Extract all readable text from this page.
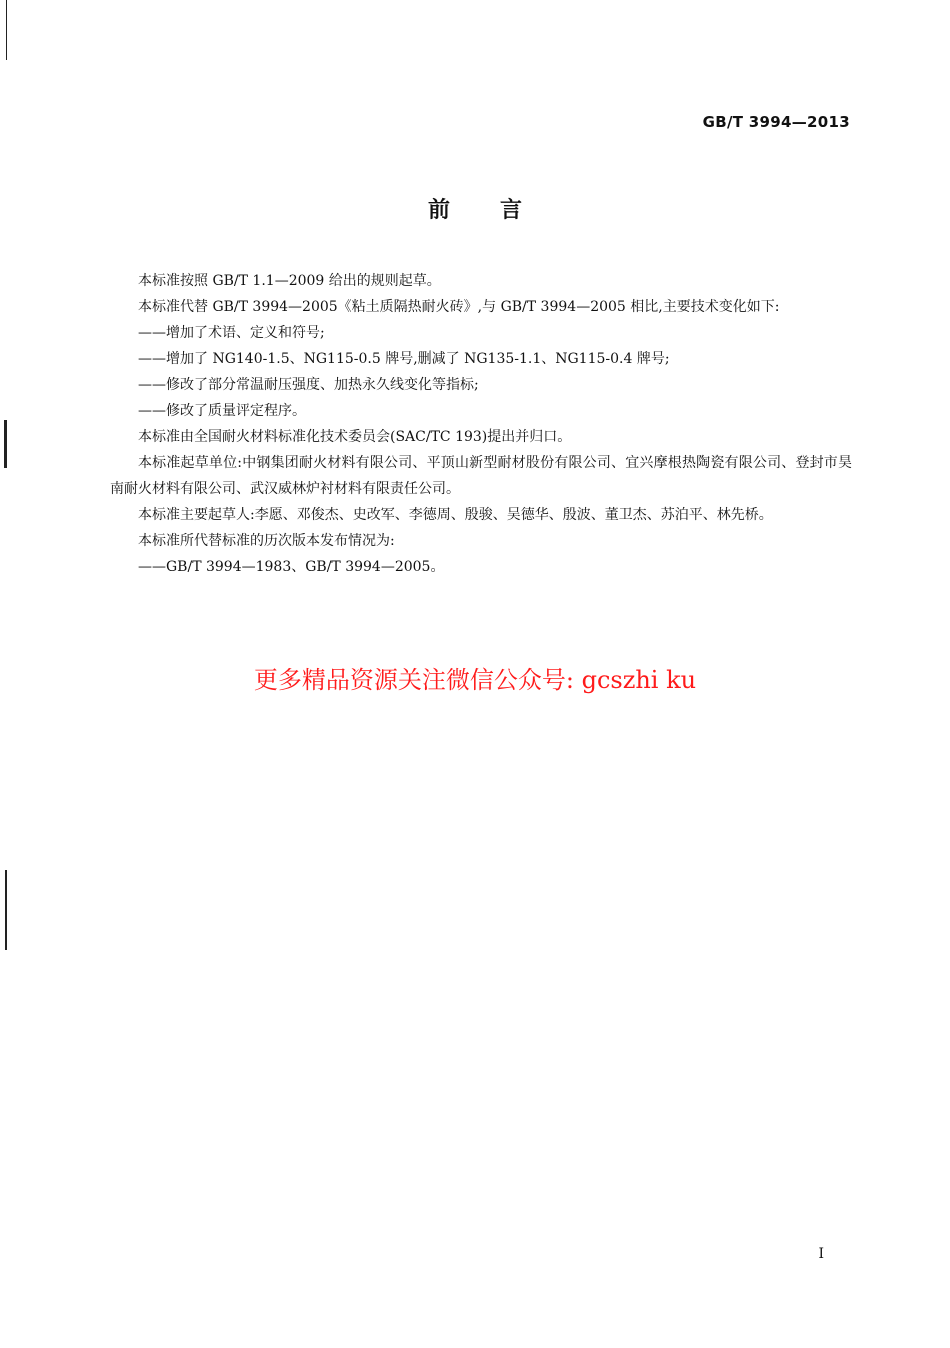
GB/T 3994—2013
前言

本标准按照 GB/T 1.1—2009 给出的规则起草。

本标准代替 GB/T 3994—2005《粘土质隔热耐火砖》,与 GB/T 3994—2005 相比,主要技术变化如下:

——增加了术语、定义和符号;

——增加了 NG140-1.5、NG115-0.5 牌号,删减了 NG135-1.1、NG115-0.4 牌号;

——修改了部分常温耐压强度、加热永久线变化等指标;

——修改了质量评定程序。

本标准由全国耐火材料标准化技术委员会(SAC/TC 193)提出并归口。

本标准起草单位:中钢集团耐火材料有限公司、平顶山新型耐材股份有限公司、宜兴摩根热陶瓷有限公司、登封市昊南耐火材料有限公司、武汉威林炉衬材料有限责任公司。

本标准主要起草人:李愿、邓俊杰、史改军、李德周、殷骏、吴德华、殷波、董卫杰、苏泊平、林先桥。

本标准所代替标准的历次版本发布情况为:

——GB/T 3994—1983、GB/T 3994—2005。

更多精品资源关注微信公众号: gcszhi ku
I
